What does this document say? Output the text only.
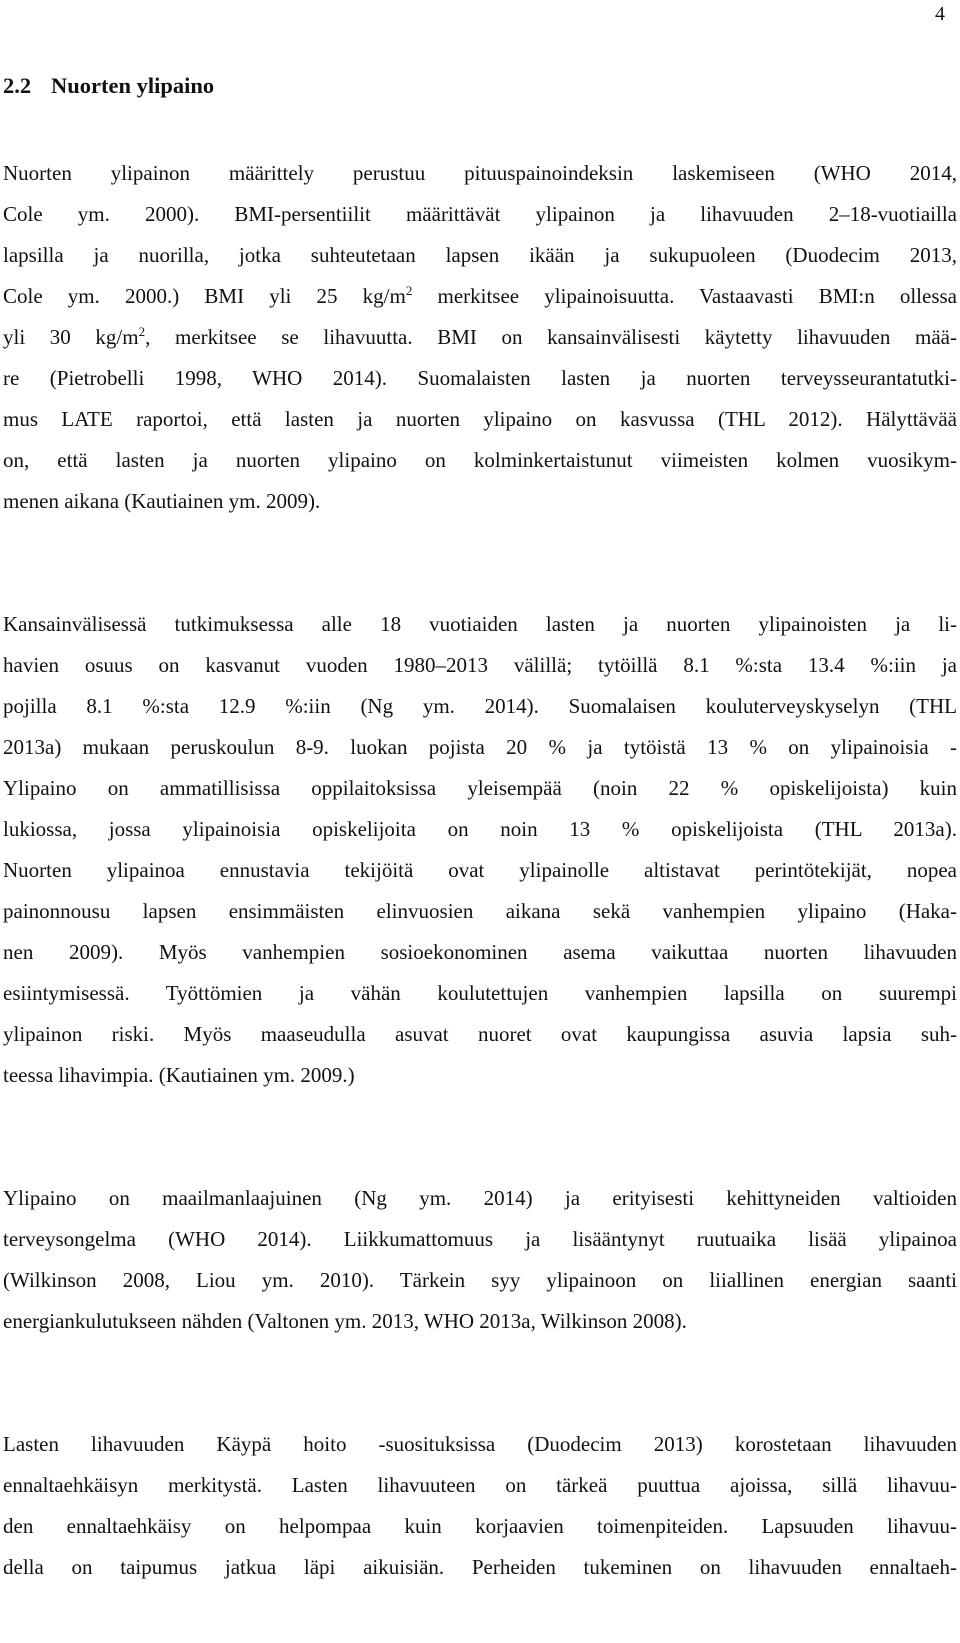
4
2.2 Nuorten ylipaino
Nuorten ylipainon määrittely perustuu pituuspainoindeksin laskemiseen (WHO 2014,
Cole ym. 2000). BMI-persentiilit määrittävät ylipainon ja lihavuuden 2–18-vuotiailla
lapsilla ja nuorilla, jotka suhteutetaan lapsen ikään ja sukupuoleen (Duodecim 2013,
Cole ym. 2000.) BMI yli 25 $kg/m^2$ merkitsee ylipainoisuutta. Vastaavasti BMI:n ollessa
yli 30 $kg/m^2$, merkitsee se lihavuutta. BMI on kansainvälisesti käytetty lihavuuden mää-
re (Pietrobelli 1998, WHO 2014). Suomalaisten lasten ja nuorten terveysseurantatutki-
mus LATE raportoi, että lasten ja nuorten ylipaino on kasvussa (THL 2012). Hälyttävää
on, että lasten ja nuorten ylipaino on kolminkertaistunut viimeisten kolmen vuosikym-
menen aikana (Kautiainen ym. 2009).
Kansainvälisessä tutkimuksessa alle 18 vuotiaiden lasten ja nuorten ylipainoisten ja li-
havien osuus on kasvanut vuoden 1980–2013 välillä; tytöillä 8.1 %:sta 13.4 %:iin ja
pojilla 8.1 %:sta 12.9 %:iin (Ng ym. 2014). Suomalaisen kouluterveyskyselyn (THL
2013a) mukaan peruskoulun 8-9. luokan pojista 20 % ja tytöistä 13 % on ylipainoisia -
Ylipaino on ammatillisissa oppilaitoksissa yleisempää (noin 22 % opiskelijoista) kuin
lukiossa, jossa ylipainoisia opiskelijoita on noin 13 % opiskelijoista (THL 2013a).
Nuorten ylipainoa ennustavia tekijöitä ovat ylipainolle altistavat perintötekijät, nopea
painonnousu lapsen ensimmäisten elinvuosien aikana sekä vanhempien ylipaino (Haka-
nen 2009). Myös vanhempien sosioekonominen asema vaikuttaa nuorten lihavuuden
esiintymisessä. Työttömien ja vähän koulutettujen vanhempien lapsilla on suurempi
ylipainon riski. Myös maaseudulla asuvat nuoret ovat kaupungissa asuvia lapsia suh-
teessa lihavimpia. (Kautiainen ym. 2009.)
Ylipaino on maailmanlaajuinen (Ng ym. 2014) ja erityisesti kehittyneiden valtioiden
terveysongelma (WHO 2014). Liikkumattomuus ja lisääntynyt ruutuaika lisää ylipainoa
(Wilkinson 2008, Liou ym. 2010). Tärkein syy ylipainoon on liiallinen energian saanti
energiankulutukseen nähden (Valtonen ym. 2013, WHO 2013a, Wilkinson 2008).
Lasten lihavuuden Käypä hoito -suosituksissa (Duodecim 2013) korostetaan lihavuuden
ennaltaehkäisyn merkitystä. Lasten lihavuuteen on tärkeä puuttua ajoissa, sillä lihavuu-
den ennaltaehkäisy on helpompaa kuin korjaavien toimenpiteiden. Lapsuuden lihavuu-
della on taipumus jatkua läpi aikuisiän. Perheiden tukeminen on lihavuuden ennaltaeh-
